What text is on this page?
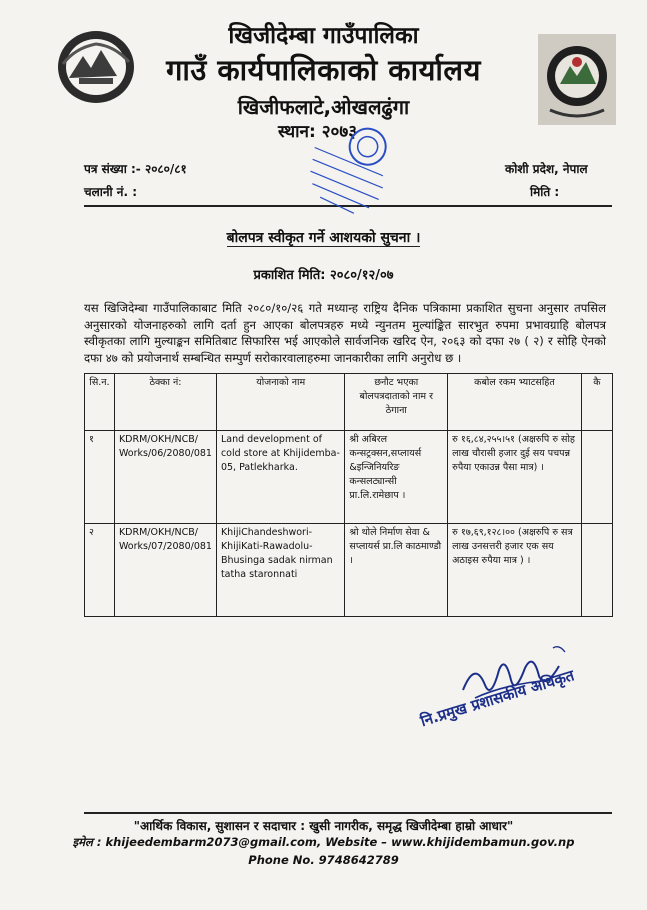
खिजीदेम्बा गाउँपालिका
गाउँ कार्यपालिकाको कार्यालय
खिजीफलाटे,ओखलढुंगा
स्थान: २०७३
पत्र संख्या :- २०८०/८१
चलानी नं. :
कोशी प्रदेश, नेपाल
मिति :
बोलपत्र स्वीकृत गर्ने आशयको सुचना ।
प्रकाशित मिति: २०८०/१२/०७
यस खिजिदेम्बा गाउँपालिकाबाट मिति २०८०/१०/२६ गते मध्यान्ह राष्ट्रिय दैनिक पत्रिकामा प्रकाशित सुचना अनुसार तपसिल अनुसारको योजनाहरुको लागि दर्ता हुन आएका बोलपत्रहरु मध्ये न्युनतम मुल्यांङ्कित सारभुत रुपमा प्रभावग्राहि बोलपत्र स्वीकृतका लागि मुल्याङ्कन समितिबाट सिफारिस भई आएकोले सार्वजनिक खरिद ऐन, २०६३ को दफा २७ ( २) र सोहि ऐनको दफा ४७ को प्रयोजनार्थ सम्बन्धित सम्पुर्ण सरोकारवालाहरुमा जानकारीका लागि अनुरोध छ ।
सि.न.	ठेक्का नं:	योजनाको नाम	छनौट भएका बोलपत्रदाताको नाम र ठेगाना	कबोल रकम भ्याटसहित	कै
१	KDRM/OKH/NCB/ Works/06/2080/081	Land development of cold store at Khijidemba-05, Patlekharka.	श्री अबिरल कन्सट्रक्सन,सप्लायर्स &इन्जिनियरिङ कन्सलट्यान्सी प्रा.लि.रामेछाप ।	रु १६,८४,२५५।५१ (अक्षरुपि रु सोह लाख चौरासी हजार दुई सय पचपन्न रुपैया एकाउन्न पैसा मात्र) ।	
२	KDRM/OKH/NCB/ Works/07/2080/081	KhijiChandeshwori-KhijiKati-Rawadolu-Bhusinga sadak nirman tatha staronnati	श्रो थोले निर्माण सेवा & सप्लायर्स प्रा.लि काठमाण्डौ ।	रु १७,६९,१२८।०० (अक्षरुपि रु सत्र लाख उनसत्तरी हजार एक सय अठाइस रुपैया मात्र ) ।	
नि.प्रमुख प्रशासकीय अधिकृत
"आर्थिक विकास, सुशासन र सदाचार : खुसी नागरीक, समृद्ध खिजीदेम्बा हाम्रो आधार"
इमेल : khijeedembarm2073@gmail.com, Website – www.khijidembamun.gov.np
Phone No. 9748642789
